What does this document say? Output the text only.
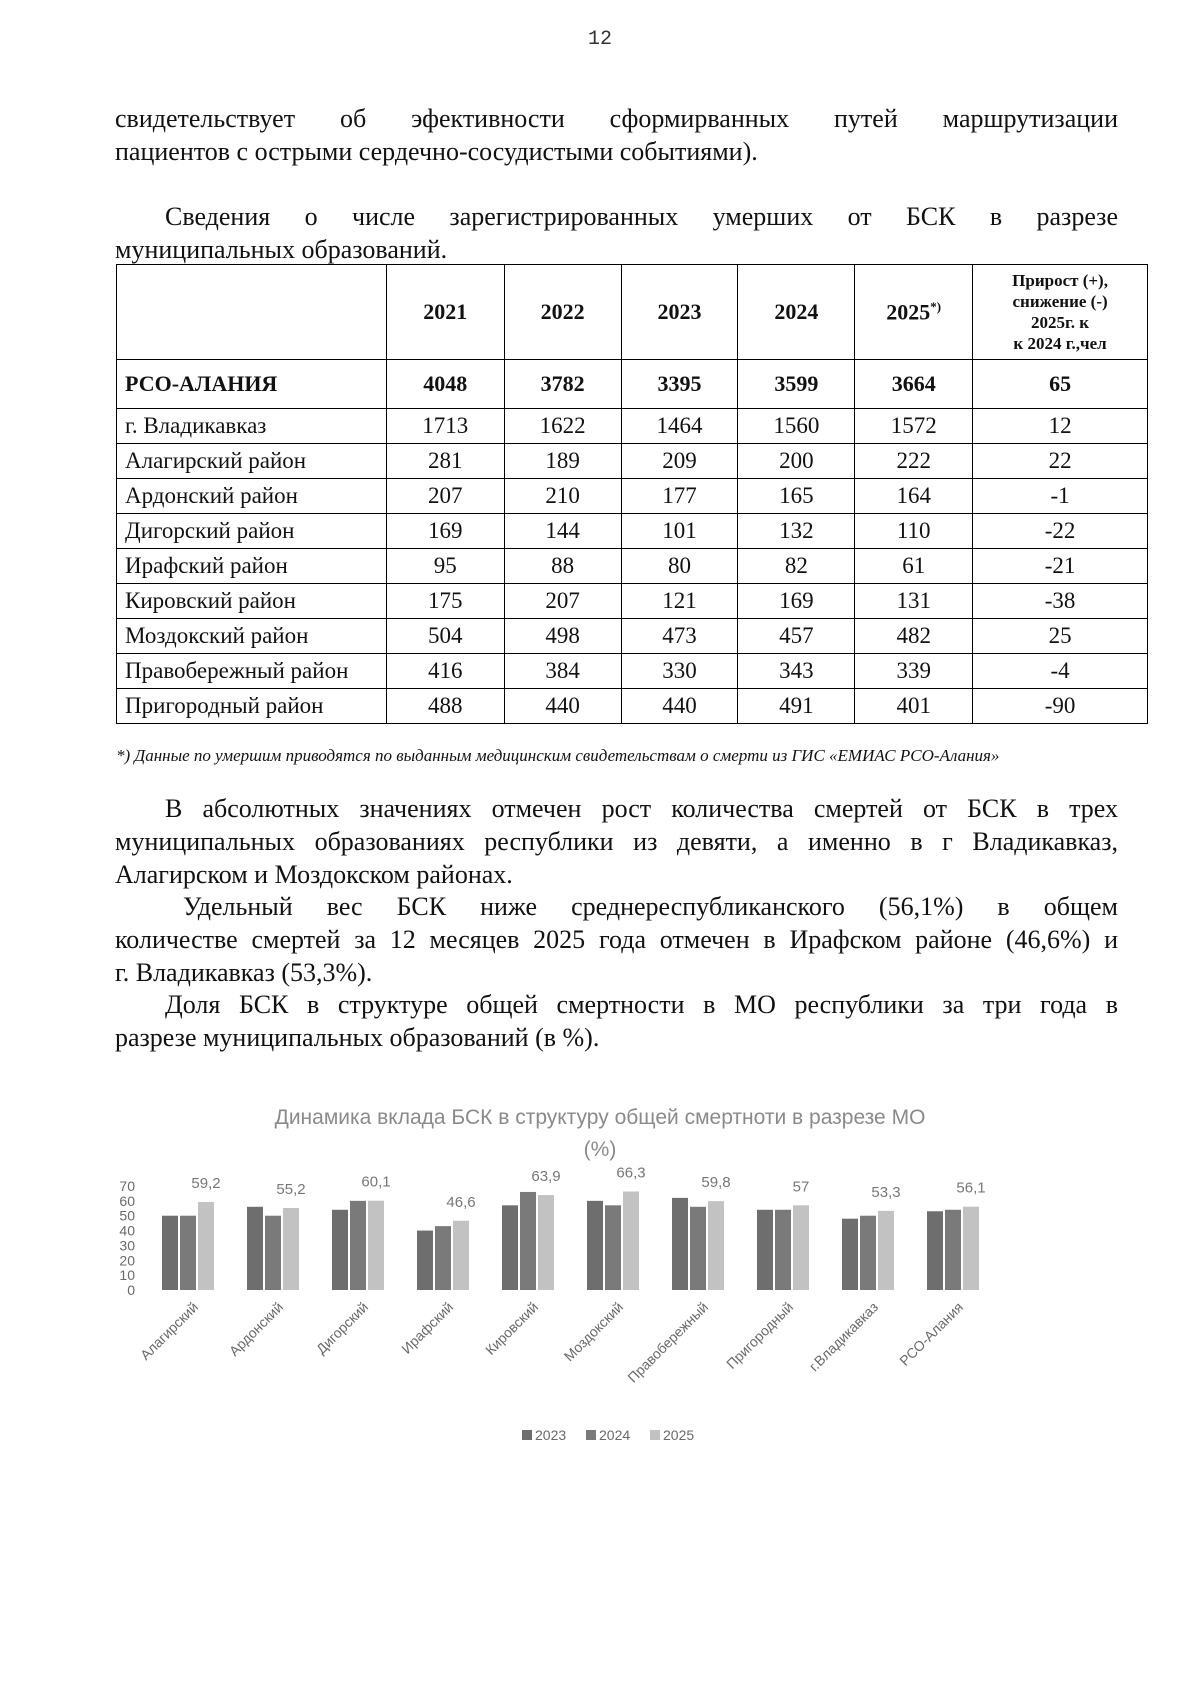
12
свидетельствует об эфективности сформирванных путей маршрутизации
пациентов с острыми сердечно-сосудистыми событиями).
Сведения о числе зарегистрированных умерших от БСК в разрезе
муниципальных образований.
	2021	2022	2023	2024	2025*)	Прирост (+),
снижение (-)
2025г. к
к 2024 г.,чел

РСО-АЛАНИЯ	4048	3782	3395	3599	3664	65
г. Владикавказ	1713	1622	1464	1560	1572	12
Алагирский район	281	189	209	200	222	22
Ардонский район	207	210	177	165	164	-1
Дигорский район	169	144	101	132	110	-22
Ирафский район	95	88	80	82	61	-21
Кировский район	175	207	121	169	131	-38
Моздокский район	504	498	473	457	482	25
Правобережный район	416	384	330	343	339	-4
Пригородный район	488	440	440	491	401	-90
*) Данные по умершим приводятся по выданным медицинским свидетельствам о смерти из ГИС «ЕМИАС РСО-Алания»
В абсолютных значениях отмечен рост количества смертей от БСК в трех
муниципальных образованиях республики из девяти, а именно в г Владикавказ,
Алагирском и Моздокском районах.
Удельный вес БСК ниже среднереспубликанского (56,1%) в общем
количестве смертей за 12 месяцев 2025 года отмечен в Ирафском районе (46,6%) и
г. Владикавказ (53,3%).
Доля БСК в структуре общей смертности в МО республики за три года в
разрезе муниципальных образований (в %).
Динамика вклада БСК в структуру общей смертноти в разрезе МО
(%)
0
10
20
30
40
50
60
70	59,2	55,2	60,1
46,6
63,9	66,3
59,8	57	53,3	56,1
Алагирский Ардонский Дигорский Ирафский Кировский Моздокский
Правобережный Пригородный г.Владикавказ РСО-Алания
2023 2024 2025
